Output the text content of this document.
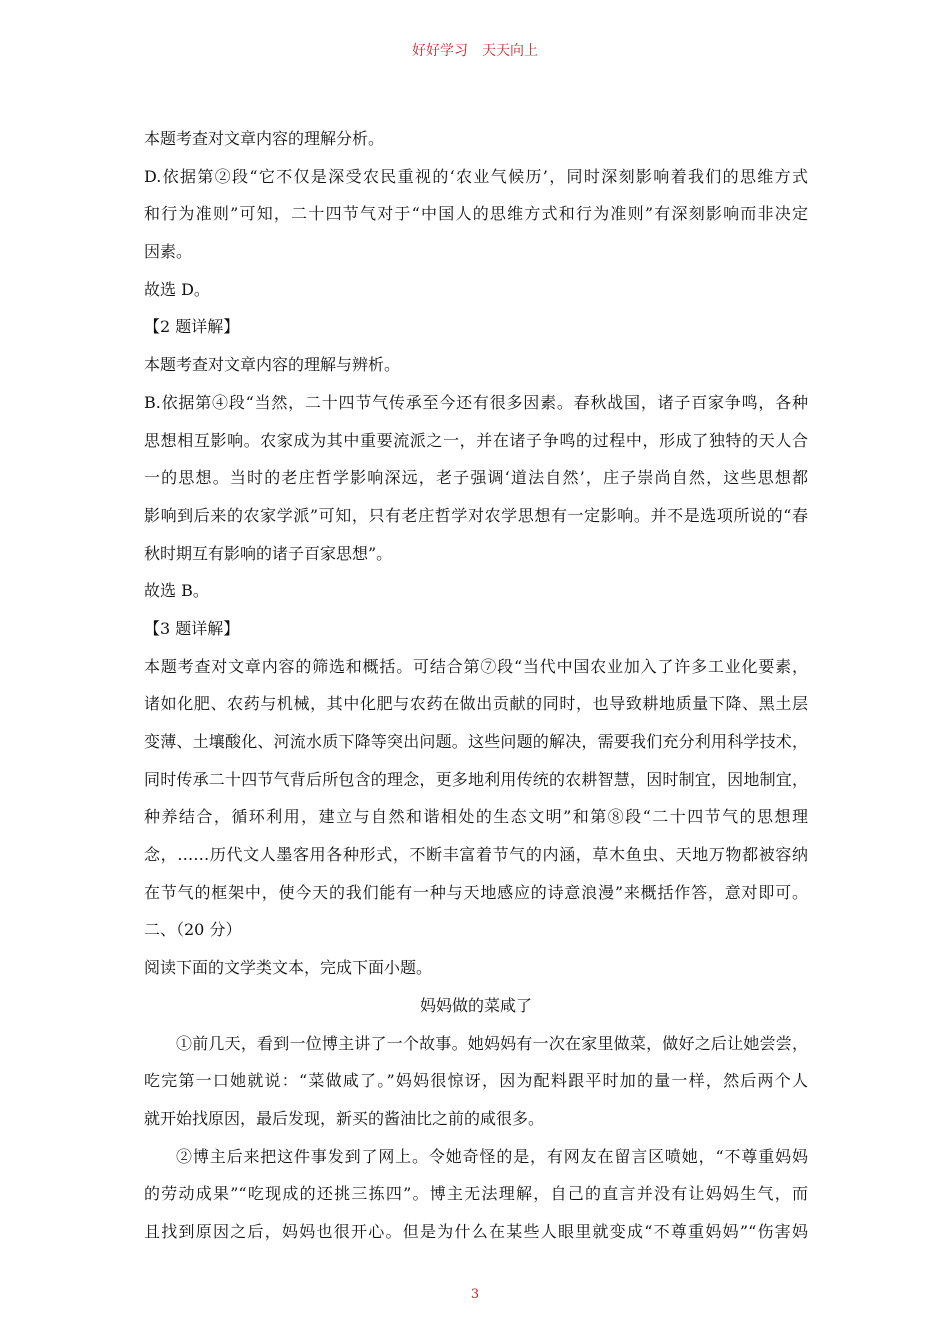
好好学习　天天向上
本题考查对文章内容的理解分析。
D.依据第②段“它不仅是深受农民重视的‘农业气候历’，同时深刻影响着我们的思维方式
和行为准则”可知，二十四节气对于“中国人的思维方式和行为准则”有深刻影响而非决定
因素。
故选 D。
【2 题详解】
本题考查对文章内容的理解与辨析。
B.依据第④段“当然，二十四节气传承至今还有很多因素。春秋战国，诸子百家争鸣，各种
思想相互影响。农家成为其中重要流派之一，并在诸子争鸣的过程中，形成了独特的天人合
一的思想。当时的老庄哲学影响深远，老子强调‘道法自然’，庄子崇尚自然，这些思想都
影响到后来的农家学派”可知，只有老庄哲学对农学思想有一定影响。并不是选项所说的“春
秋时期互有影响的诸子百家思想”。
故选 B。
【3 题详解】
本题考查对文章内容的筛选和概括。可结合第⑦段“当代中国农业加入了许多工业化要素，
诸如化肥、农药与机械，其中化肥与农药在做出贡献的同时，也导致耕地质量下降、黑土层
变薄、土壤酸化、河流水质下降等突出问题。这些问题的解决，需要我们充分利用科学技术，
同时传承二十四节气背后所包含的理念，更多地利用传统的农耕智慧，因时制宜，因地制宜，
种养结合，循环利用，建立与自然和谐相处的生态文明”和第⑧段“二十四节气的思想理
念，……历代文人墨客用各种形式，不断丰富着节气的内涵，草木鱼虫、天地万物都被容纳
在节气的框架中，使今天的我们能有一种与天地感应的诗意浪漫”来概括作答，意对即可。
二、（20 分）
阅读下面的文学类文本，完成下面小题。
妈妈做的菜咸了
①前几天，看到一位博主讲了一个故事。她妈妈有一次在家里做菜，做好之后让她尝尝，
吃完第一口她就说：“菜做咸了。”妈妈很惊讶，因为配料跟平时加的量一样，然后两个人
就开始找原因，最后发现，新买的酱油比之前的咸很多。
②博主后来把这件事发到了网上。令她奇怪的是，有网友在留言区喷她，“不尊重妈妈
的劳动成果”“吃现成的还挑三拣四”。博主无法理解，自己的直言并没有让妈妈生气，而
且找到原因之后，妈妈也很开心。但是为什么在某些人眼里就变成“不尊重妈妈”“伤害妈
3
